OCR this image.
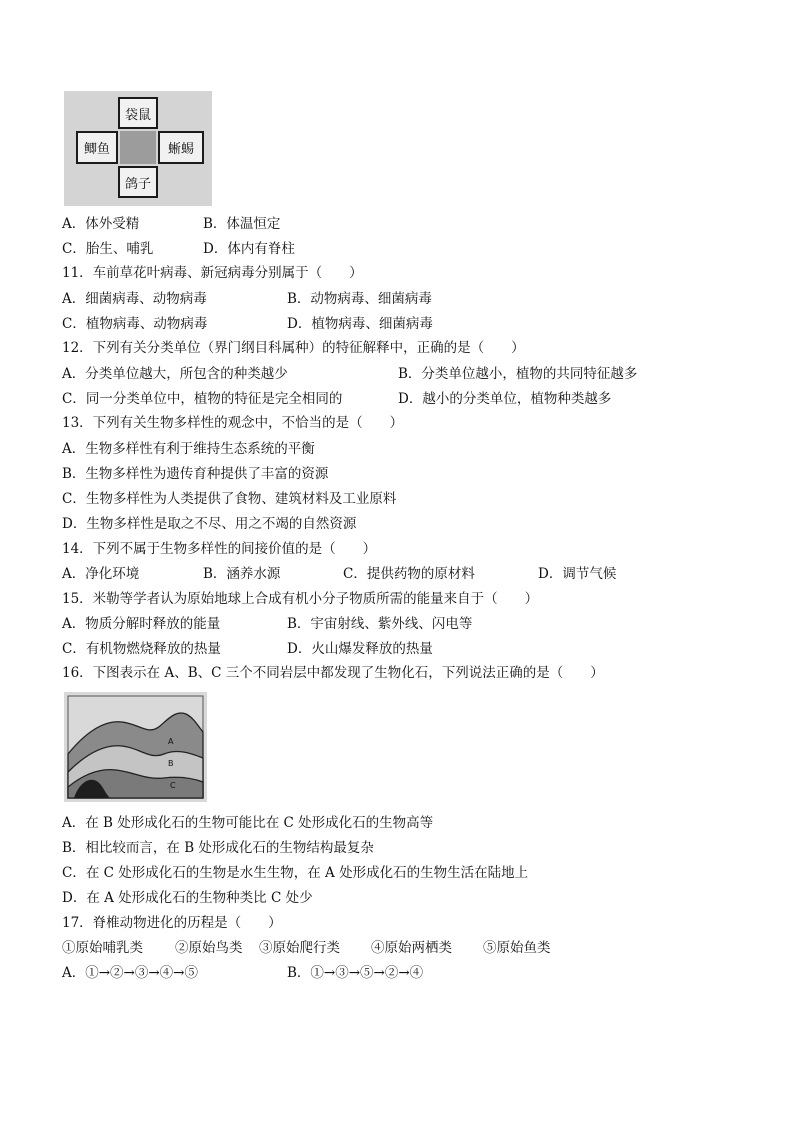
袋鼠
鲫鱼	蜥蜴
鸽子
A．体外受精	B．体温恒定
C．胎生、哺乳	D．体内有脊柱
11．车前草花叶病毒、新冠病毒分别属于（　　）
A．细菌病毒、动物病毒	B．动物病毒、细菌病毒
C．植物病毒、动物病毒	D．植物病毒、细菌病毒
12．下列有关分类单位（界门纲目科属种）的特征解释中，正确的是（　　）
A．分类单位越大，所包含的种类越少	B．分类单位越小，植物的共同特征越多
C．同一分类单位中，植物的特征是完全相同的	D．越小的分类单位，植物种类越多
13．下列有关生物多样性的观念中，不恰当的是（　　）
A．生物多样性有利于维持生态系统的平衡
B．生物多样性为遗传育种提供了丰富的资源
C．生物多样性为人类提供了食物、建筑材料及工业原料
D．生物多样性是取之不尽、用之不竭的自然资源
14．下列不属于生物多样性的间接价值的是（　　）
A．净化环境	B．涵养水源	C．提供药物的原材料	D．调节气候
15．米勒等学者认为原始地球上合成有机小分子物质所需的能量来自于（　　）
A．物质分解时释放的能量	B．宇宙射线、紫外线、闪电等
C．有机物燃烧释放的热量	D．火山爆发释放的热量
16．下图表示在 A、B、C 三个不同岩层中都发现了生物化石，下列说法正确的是（　　）
A
B
C
A．在 B 处形成化石的生物可能比在 C 处形成化石的生物高等
B．相比较而言，在 B 处形成化石的生物结构最复杂
C．在 C 处形成化石的生物是水生生物，在 A 处形成化石的生物生活在陆地上
D．在 A 处形成化石的生物种类比 C 处少
17．脊椎动物进化的历程是（　　）
①原始哺乳类 ②原始鸟类 ③原始爬行类 ④原始两栖类 ⑤原始鱼类
A．①→②→③→④→⑤	B．①→③→⑤→②→④
